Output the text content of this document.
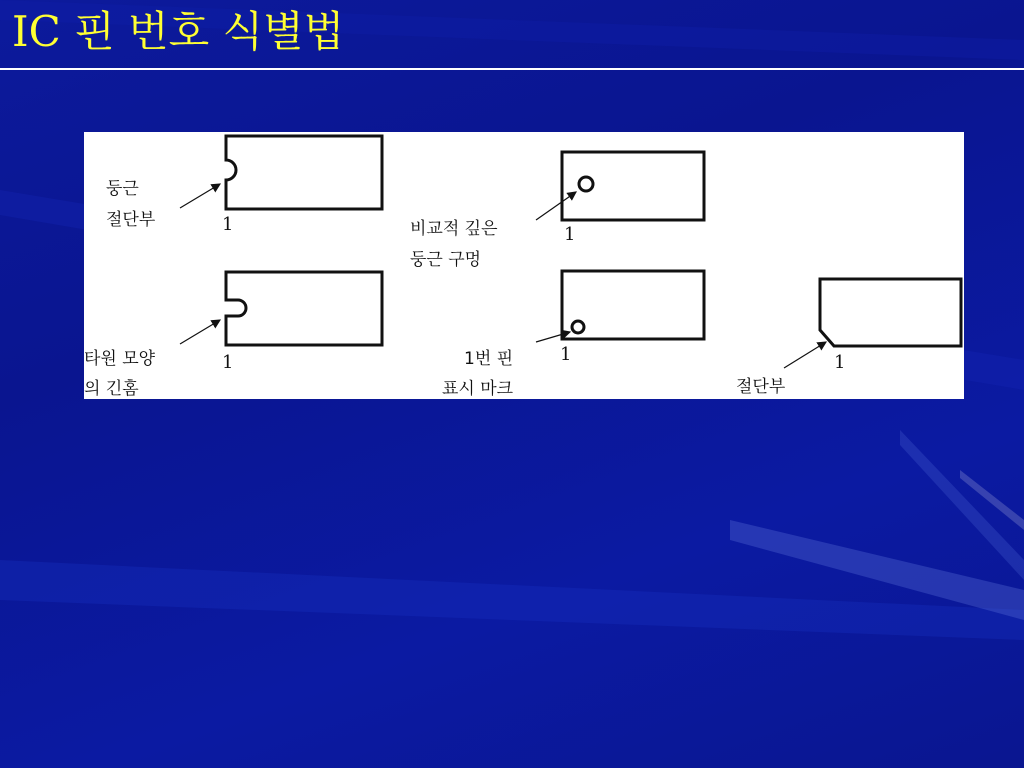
IC 핀 번호 식별법
둥근
절단부	1	비교적 깊은
둥근 구멍
1
타원 모양
의 긴홈
1	1번 핀
표시 마크
1
절단부
1
